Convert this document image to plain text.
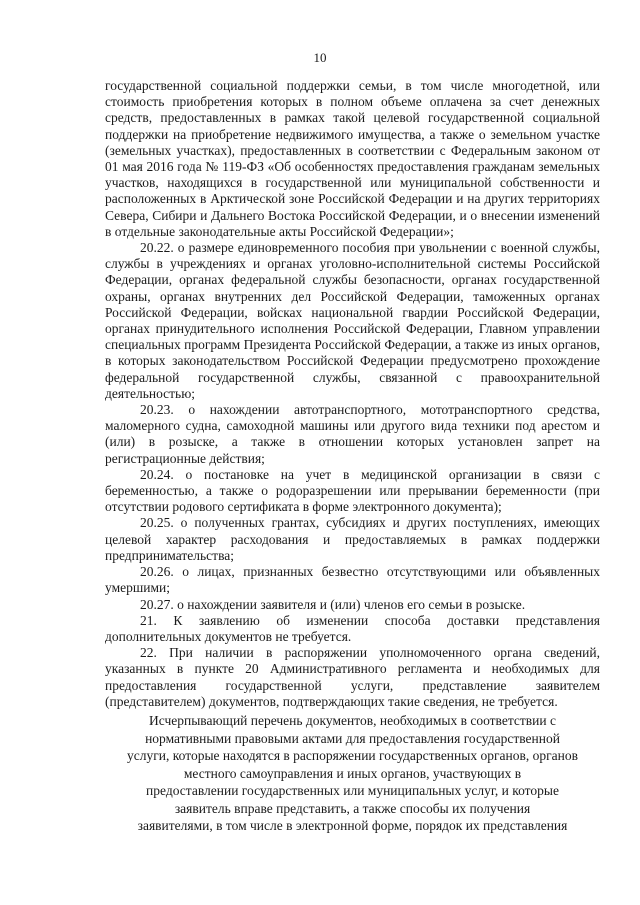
10

государственной социальной поддержки семьи, в том числе многодетной, или стоимость приобретения которых в полном объеме оплачена за счет денежных средств, предоставленных в рамках такой целевой государственной социальной поддержки на приобретение недвижимого имущества, а также о земельном участке (земельных участках), предоставленных в соответствии с Федеральным законом от 01 мая 2016 года № 119-ФЗ «Об особенностях предоставления гражданам земельных участков, находящихся в государственной или муниципальной собственности и расположенных в Арктической зоне Российской Федерации и на других территориях Севера, Сибири и Дальнего Востока Российской Федерации, и о внесении изменений в отдельные законодательные акты Российской Федерации»;

20.22. о размере единовременного пособия при увольнении с военной службы, службы в учреждениях и органах уголовно-исполнительной системы Российской Федерации, органах федеральной службы безопасности, органах государственной охраны, органах внутренних дел Российской Федерации, таможенных органах Российской Федерации, войсках национальной гвардии Российской Федерации, органах принудительного исполнения Российской Федерации, Главном управлении специальных программ Президента Российской Федерации, а также из иных органов, в которых законодательством Российской Федерации предусмотрено прохождение федеральной государственной службы, связанной с правоохранительной деятельностью;

20.23. о нахождении автотранспортного, мототранспортного средства, маломерного судна, самоходной машины или другого вида техники под арестом и (или) в розыске, а также в отношении которых установлен запрет на регистрационные действия;

20.24. о постановке на учет в медицинской организации в связи с беременностью, а также о родоразрешении или прерывании беременности (при отсутствии родового сертификата в форме электронного документа);

20.25. о полученных грантах, субсидиях и других поступлениях, имеющих целевой характер расходования и предоставляемых в рамках поддержки предпринимательства;

20.26. о лицах, признанных безвестно отсутствующими или объявленных умершими;

20.27. о нахождении заявителя и (или) членов его семьи в розыске.

21. К заявлению об изменении способа доставки представления дополнительных документов не требуется.

22. При наличии в распоряжении уполномоченного органа сведений, указанных в пункте 20 Административного регламента и необходимых для предоставления государственной услуги, представление заявителем (представителем) документов, подтверждающих такие сведения, не требуется.

Исчерпывающий перечень документов, необходимых в соответствии с

нормативными правовыми актами для предоставления государственной

услуги, которые находятся в распоряжении государственных органов, органов

местного самоуправления и иных органов, участвующих в

предоставлении государственных или муниципальных услуг, и которые

заявитель вправе представить, а также способы их получения

заявителями, в том числе в электронной форме, порядок их представления
